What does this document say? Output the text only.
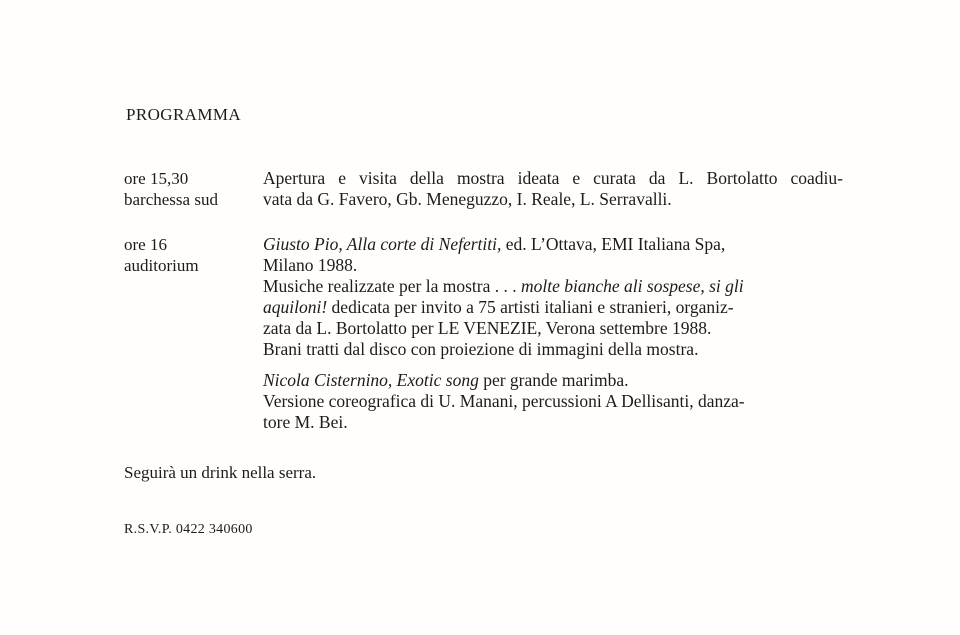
PROGRAMMA
ore 15,30
barchessa sud
Apertura e visita della mostra ideata e curata da L. Bortolatto coadiu-
vata da G. Favero, Gb. Meneguzzo, I. Reale, L. Serravalli.
ore 16
auditorium
Giusto Pio, Alla corte di Nefertiti, ed. L’Ottava, EMI Italiana Spa,
Milano 1988.
Musiche realizzate per la mostra . . . molte bianche ali sospese, si gli
aquiloni! dedicata per invito a 75 artisti italiani e stranieri, organiz-
zata da L. Bortolatto per LE VENEZIE, Verona settembre 1988.
Brani tratti dal disco con proiezione di immagini della mostra.
Nicola Cisternino, Exotic song per grande marimba.
Versione coreografica di U. Manani, percussioni A Dellisanti, danza-
tore M. Bei.
Seguirà un drink nella serra.
R.S.V.P. 0422 340600
